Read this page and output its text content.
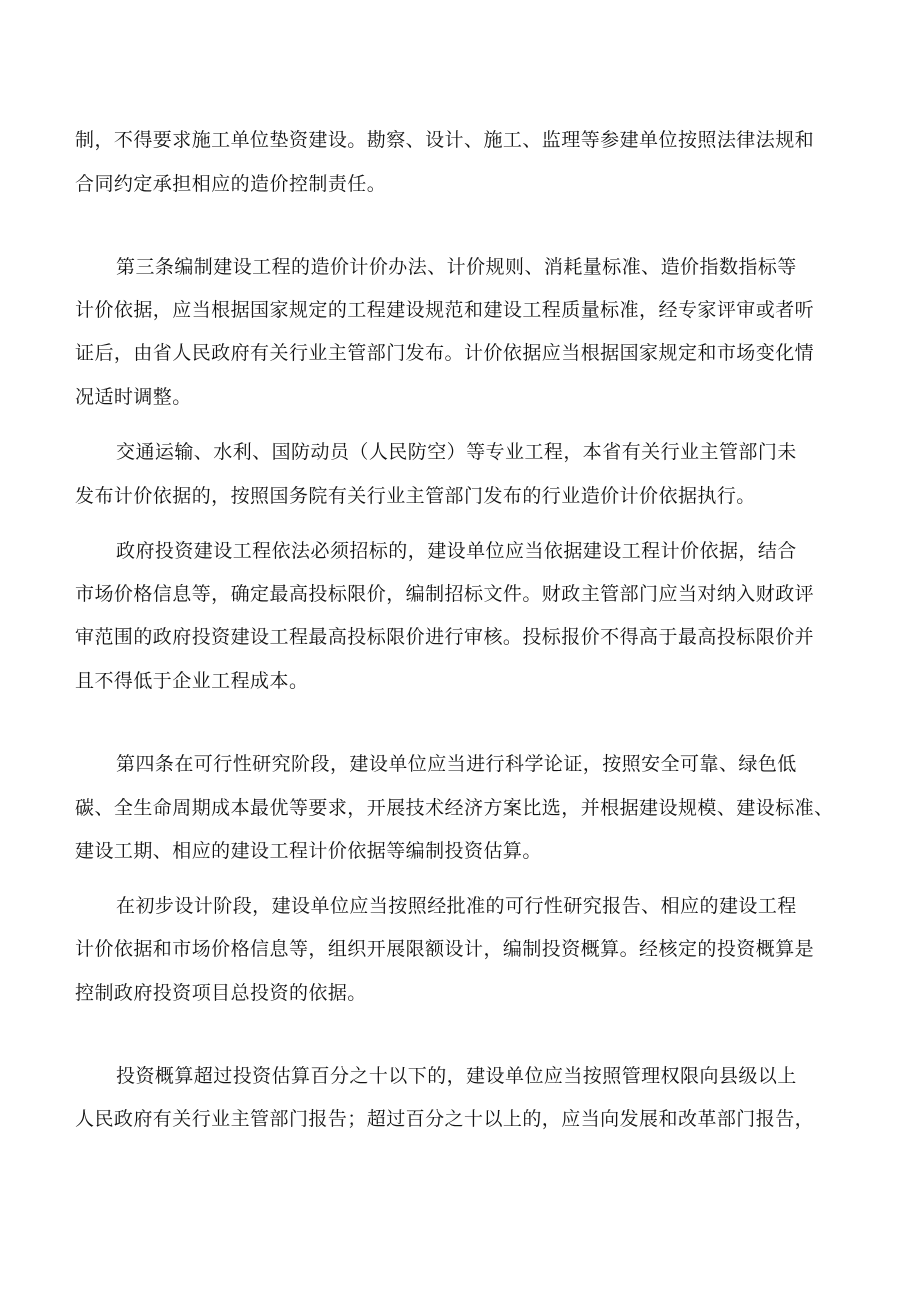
制，不得要求施工单位垫资建设。勘察、设计、施工、监理等参建单位按照法律法规和
合同约定承担相应的造价控制责任。
第三条编制建设工程的造价计价办法、计价规则、消耗量标准、造价指数指标等
计价依据，应当根据国家规定的工程建设规范和建设工程质量标准，经专家评审或者听
证后，由省人民政府有关行业主管部门发布。计价依据应当根据国家规定和市场变化情
况适时调整。
交通运输、水利、国防动员（人民防空）等专业工程，本省有关行业主管部门未
发布计价依据的，按照国务院有关行业主管部门发布的行业造价计价依据执行。
政府投资建设工程依法必须招标的，建设单位应当依据建设工程计价依据，结合
市场价格信息等，确定最高投标限价，编制招标文件。财政主管部门应当对纳入财政评
审范围的政府投资建设工程最高投标限价进行审核。投标报价不得高于最高投标限价并
且不得低于企业工程成本。
第四条在可行性研究阶段，建设单位应当进行科学论证，按照安全可靠、绿色低
碳、全生命周期成本最优等要求，开展技术经济方案比选，并根据建设规模、建设标准、
建设工期、相应的建设工程计价依据等编制投资估算。
在初步设计阶段，建设单位应当按照经批准的可行性研究报告、相应的建设工程
计价依据和市场价格信息等，组织开展限额设计，编制投资概算。经核定的投资概算是
控制政府投资项目总投资的依据。
投资概算超过投资估算百分之十以下的，建设单位应当按照管理权限向县级以上
人民政府有关行业主管部门报告；超过百分之十以上的，应当向发展和改革部门报告，
